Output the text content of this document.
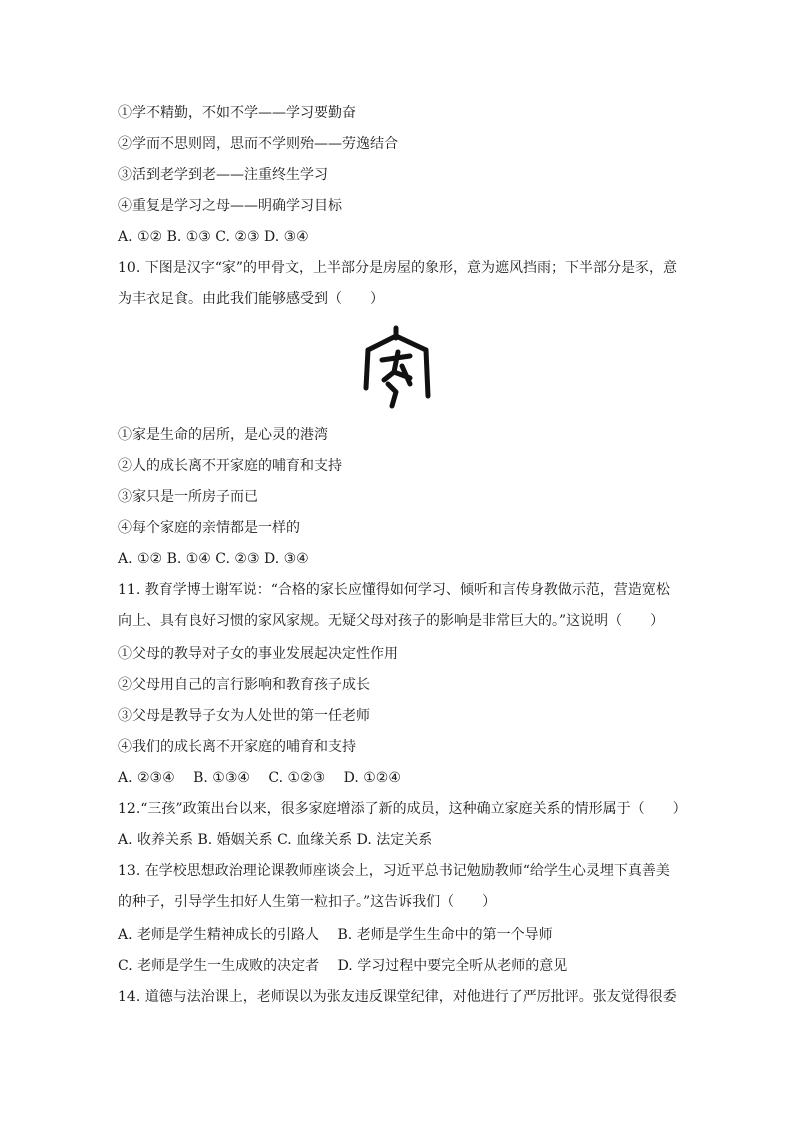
①学不精勤，不如不学——学习要勤奋
②学而不思则罔，思而不学则殆——劳逸结合
③活到老学到老——注重终生学习
④重复是学习之母——明确学习目标
A. ①② B. ①③ C. ②③ D. ③④
10. 下图是汉字“家”的甲骨文，上半部分是房屋的象形，意为遮风挡雨；下半部分是豕，意
为丰衣足食。由此我们能够感受到（　　）
①家是生命的居所，是心灵的港湾
②人的成长离不开家庭的哺育和支持
③家只是一所房子而已
④每个家庭的亲情都是一样的
A. ①② B. ①④ C. ②③ D. ③④
11. 教育学博士谢军说：“合格的家长应懂得如何学习、倾听和言传身教做示范，营造宽松
向上、具有良好习惯的家风家规。无疑父母对孩子的影响是非常巨大的。”这说明（　　）
①父母的教导对子女的事业发展起决定性作用
②父母用自己的言行影响和教育孩子成长
③父母是教导子女为人处世的第一任老师
④我们的成长离不开家庭的哺育和支持
A. ②③④　 B. ①③④　 C. ①②③　 D. ①②④
12.“三孩”政策出台以来，很多家庭增添了新的成员，这种确立家庭关系的情形属于（　　）
A. 收养关系 B. 婚姻关系 C. 血缘关系 D. 法定关系
13. 在学校思想政治理论课教师座谈会上，习近平总书记勉励教师“给学生心灵埋下真善美
的种子，引导学生扣好人生第一粒扣子。”这告诉我们（　　）
A. 老师是学生精神成长的引路人　 B. 老师是学生生命中的第一个导师
C. 老师是学生一生成败的决定者　 D. 学习过程中要完全听从老师的意见
14. 道德与法治课上，老师误以为张友违反课堂纪律，对他进行了严厉批评。张友觉得很委
